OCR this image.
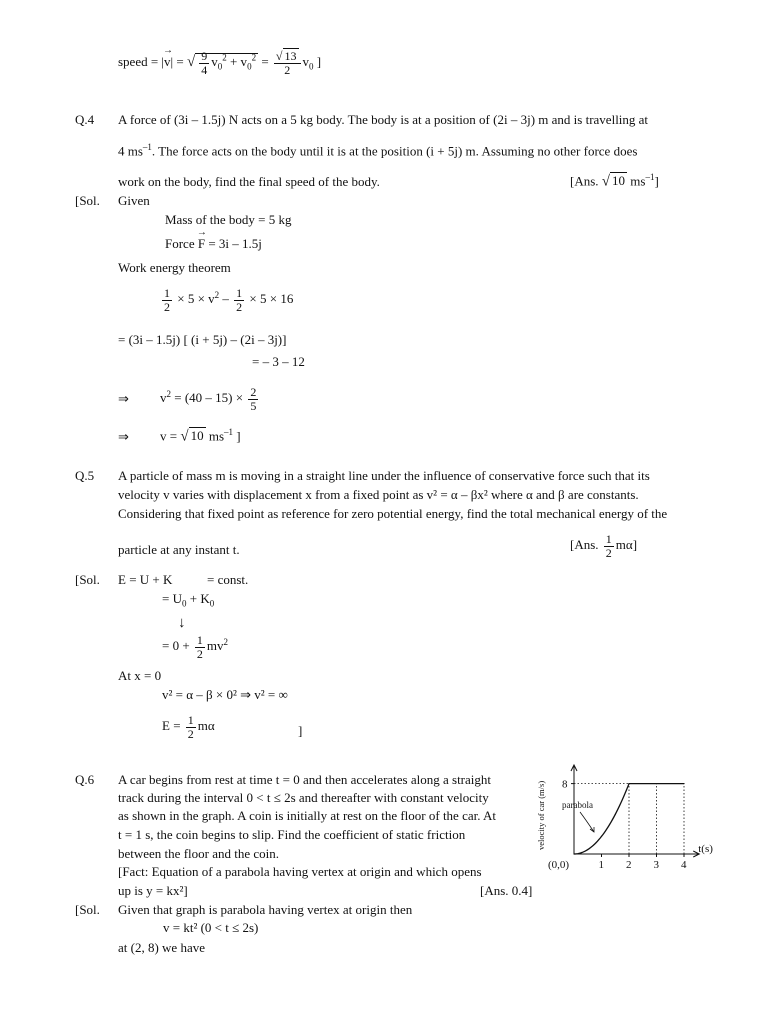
speed = |v →| = √ $\frac{9}{4} v_0^2 + v_0^2 = \frac{√ 13}{2} v_0$ ]
Q.4 A force of (3i – 1.5j) N acts on a 5 kg body. The body is at a position of (2i – 3j) m and is travelling at
4 $ms^{-1}$. The force acts on the body until it is at the position (i + 5j) m. Assuming no other force does
work on the body, find the final speed of the body.	[Ans. √ 10 $ms^{-1}$]
[Sol. Given
Mass of the body = 5 kg
Force F → = 3i – 1.5j
Work energy theorem
$\frac{1}{2} \times 5 \times v^2 - \frac{1}{2} \times 5 \times 16$
= (3i – 1.5j) [ (i + 5j) – (2i – 3j)]
= – 3 – 12
⇒ $v^2 = (40 - 15) \times \frac{2}{5}$
⇒ v = √ 10 $ms^{-1}$ ]
Q.5 A particle of mass m is moving in a straight line under the influence of conservative force such that its
velocity v varies with displacement x from a fixed point as v² = α – βx² where α and β are constants.
Considering that fixed point as reference for zero potential energy, find the total mechanical energy of the
particle at any instant t.	[Ans. $\frac{1}{2} m\alpha$]
[Sol. E = U + K	= const.
= $U_0 + K_0$
↓
= $0 + \frac{1}{2} mv^2$
At x = 0
v² = α – β × 0² ⇒ v² = ∞
$E = \frac{1}{2}$ mα	]
Q.6 A car begins from rest at time t = 0 and then accelerates along a straight
track during the interval 0 < t ≤ 2s and thereafter with constant velocity
as shown in the graph. A coin is initially at rest on the floor of the car. At
t = 1 s, the coin begins to slip. Find the coefficient of static friction
between the floor and the coin.
[Fact: Equation of a parabola having vertex at origin and which opens
up is y = kx²]	[Ans. 0.4]
8
1 2 3 4
(0,0)
t(s)
velocity of car (m/s) parabola
[Sol. Given that graph is parabola having vertex at origin then
v = kt² (0 < t ≤ 2s)
at (2, 8) we have
